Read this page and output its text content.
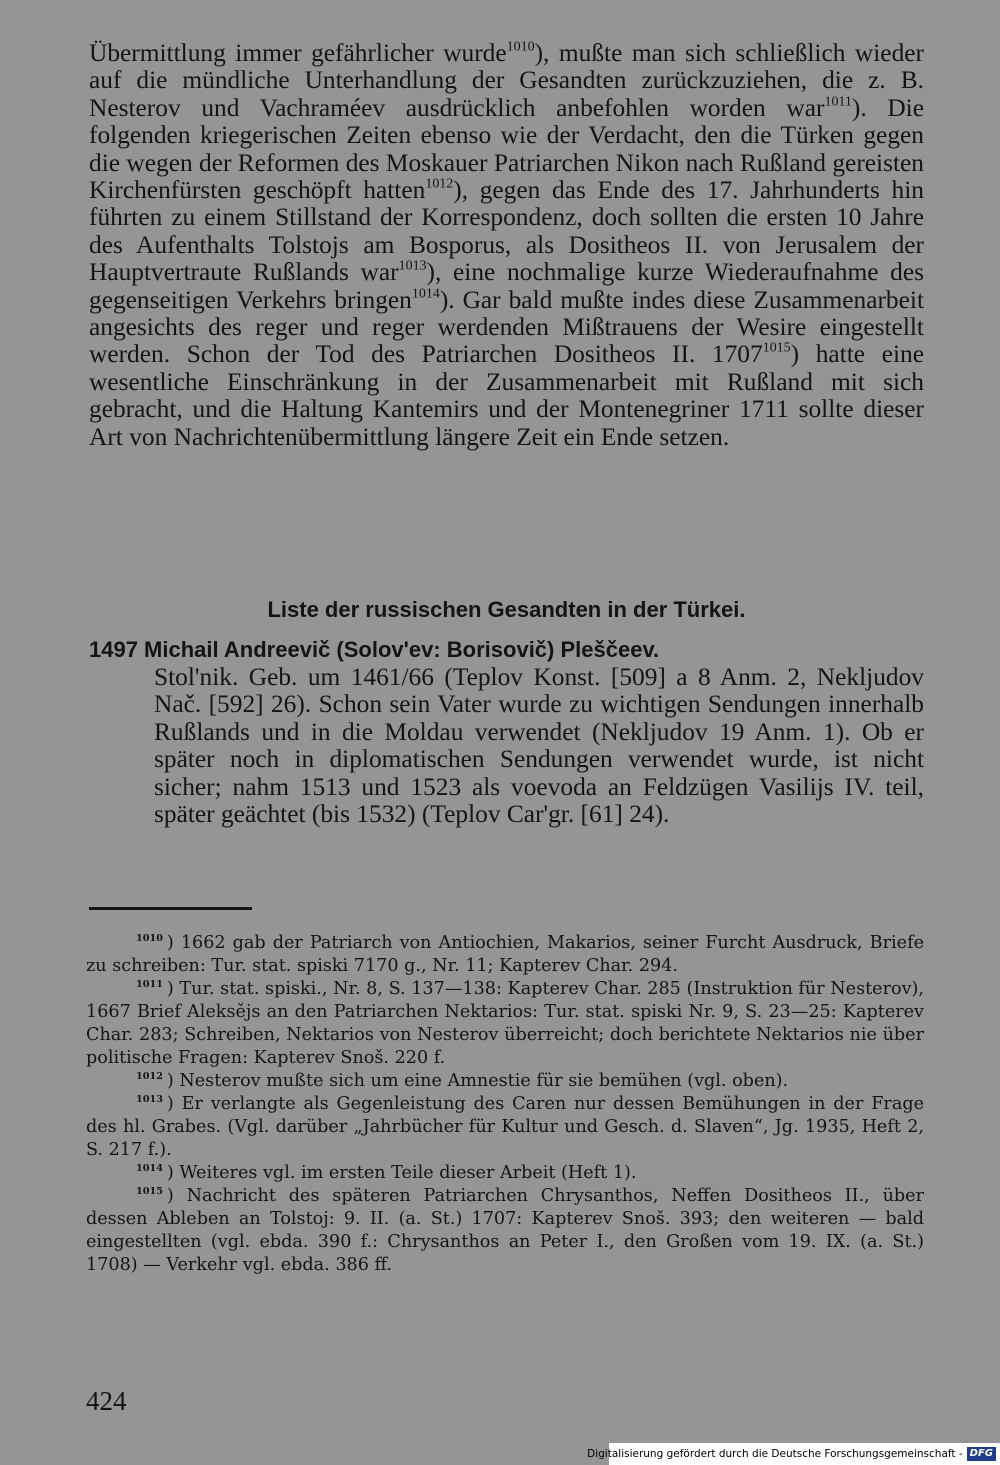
Übermittlung immer gefährlicher wurde$^{1010}$), mußte man sich schließlich wieder auf die mündliche Unterhandlung der Gesandten zurückzuziehen, die z. B. Nesterov und Vachraméev ausdrücklich anbefohlen worden war$^{1011}$). Die folgenden kriegerischen Zeiten ebenso wie der Verdacht, den die Türken gegen die wegen der Reformen des Moskauer Patriarchen Nikon nach Rußland gereisten Kirchenfürsten geschöpft hatten$^{1012}$), gegen das Ende des 17. Jahrhunderts hin führten zu einem Stillstand der Korrespondenz, doch sollten die ersten 10 Jahre des Aufenthalts Tolstojs am Bosporus, als Dositheos II. von Jerusalem der Hauptvertraute Rußlands war$^{1013}$), eine nochmalige kurze Wiederaufnahme des gegenseitigen Verkehrs bringen$^{1014}$). Gar bald mußte indes diese Zusammenarbeit angesichts des reger und reger werdenden Mißtrauens der Wesire eingestellt werden. Schon der Tod des Patriarchen Dositheos II. $1707^{1015}$) hatte eine wesentliche Einschränkung in der Zusammenarbeit mit Rußland mit sich gebracht, und die Haltung Kantemirs und der Montenegriner 1711 sollte dieser Art von Nachrichtenübermittlung längere Zeit ein Ende setzen.

Liste der russischen Gesandten in der Türkei.

1497 Michail Andreevič (Solov'ev: Borisovič) Pleščeev.

Stol'nik. Geb. um 1461/66 (Teplov Konst. [509] a 8 Anm. 2, Nekljudov Nač. [592] 26). Schon sein Vater wurde zu wichtigen Sendungen innerhalb Rußlands und in die Moldau verwendet (Nekljudov 19 Anm. 1). Ob er später noch in diplomatischen Sendungen verwendet wurde, ist nicht sicher; nahm 1513 und 1523 als voevoda an Feldzügen Vasilijs IV. teil, später geächtet (bis 1532) (Teplov Car'gr. [61] 24).

$^{1010}$ ) 1662 gab der Patriarch von Antiochien, Makarios, seiner Furcht Ausdruck, Briefe zu schreiben: Tur. stat. spiski 7170 g., Nr. 11; Kapterev Char. 294.

$^{1011}$ ) Tur. stat. spiski., Nr. 8, S. 137—138: Kapterev Char. 285 (Instruktion für Nesterov), 1667 Brief Aleksějs an den Patriarchen Nektarios: Tur. stat. spiski Nr. 9, S. 23—25: Kapterev Char. 283; Schreiben, Nektarios von Nesterov überreicht; doch berichtete Nektarios nie über politische Fragen: Kapterev Snoš. 220 f.

$^{1012}$ ) Nesterov mußte sich um eine Amnestie für sie bemühen (vgl. oben).

$^{1013}$ ) Er verlangte als Gegenleistung des Caren nur dessen Bemühungen in der Frage des hl. Grabes. (Vgl. darüber „Jahrbücher für Kultur und Gesch. d. Slaven“, Jg. 1935, Heft 2, S. 217 f.).

$^{1014}$ ) Weiteres vgl. im ersten Teile dieser Arbeit (Heft 1).

$^{1015}$ ) Nachricht des späteren Patriarchen Chrysanthos, Neffen Dositheos II., über dessen Ableben an Tolstoj: 9. II. (a. St.) 1707: Kapterev Snoš. 393; den weiteren — bald eingestellten (vgl. ebda. 390 f.: Chrysanthos an Peter I., den Großen vom 19. IX. (a. St.) 1708) — Verkehr vgl. ebda. 386 ff.

424
Digitalisierung gefördert durch die Deutsche Forschungsgemeinschaft - DFG
